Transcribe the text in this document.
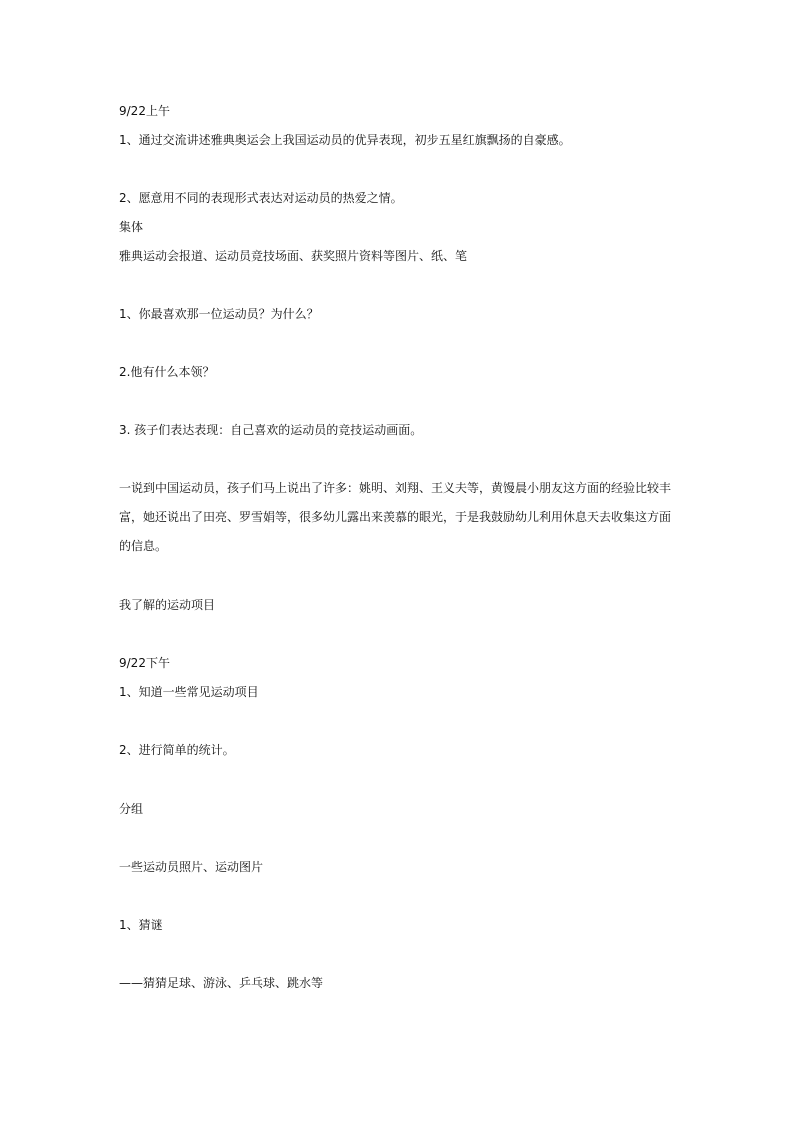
9/22上午
1、通过交流讲述雅典奥运会上我国运动员的优异表现，初步五星红旗飘扬的自豪感。
2、愿意用不同的表现形式表达对运动员的热爱之情。
集体
雅典运动会报道、运动员竞技场面、获奖照片资料等图片、纸、笔
1、你最喜欢那一位运动员？为什么？
2.他有什么本领？
3. 孩子们表达表现：自己喜欢的运动员的竞技运动画面。
一说到中国运动员，孩子们马上说出了许多：姚明、刘翔、王义夫等，黄馒晨小朋友这方面的经验比较丰
富，她还说出了田亮、罗雪娟等，很多幼儿露出来羡慕的眼光，于是我鼓励幼儿利用休息天去收集这方面
的信息。
我了解的运动项目
9/22下午
1、知道一些常见运动项目
2、进行简单的统计。
分组
一些运动员照片、运动图片
1、猜谜
——猜猜足球、游泳、乒乓球、跳水等
